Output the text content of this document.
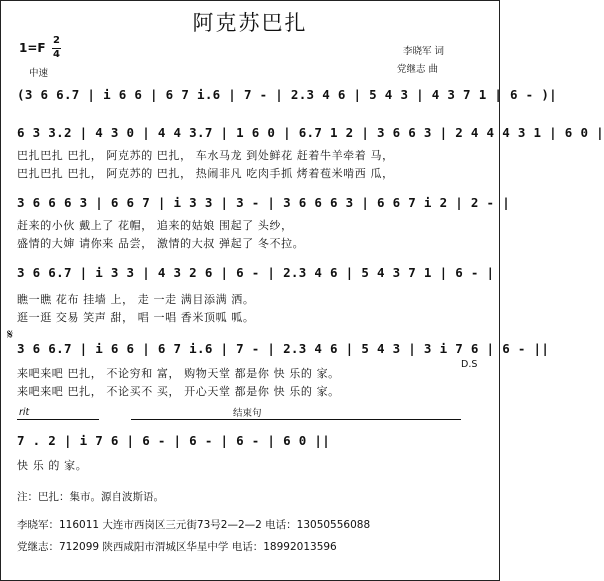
阿克苏巴扎
1=F
2
4
中速
李晓军 词
党继志 曲
(3 6 6.7 | i 6 6 | 6 7 i.6 | 7 - | 2.3 4 6 | 5 4 3 | 4 3 7 1 | 6 - )|
6 3 3.2 | 4 3 0 | 4 4 3.7 | 1 6 0 | 6.7 1 2 | 3 6 6 3 | 2 4 4 4 3 1 | 6 0 |
巴扎巴扎 巴扎， 阿克苏的 巴扎， 车水马龙 到处鲜花 赶着牛羊牵着 马，
巴扎巴扎 巴扎， 阿克苏的 巴扎， 热闹非凡 吃肉手抓 烤着苞米啃西 瓜，
3 6 6 6 3 | 6 6 7 | i 3 3 | 3 - | 3 6 6 6 3 | 6 6 7 i 2 | 2 - |
赶来的小伙 戴上了 花帽， 追来的姑娘 围起了 头纱，
盛情的大婶 请你来 品尝， 激情的大叔 弹起了 冬不拉。
3 6 6.7 | i 3 3 | 4 3 2 6 | 6 - | 2.3 4 6 | 5 4 3 7 1 | 6 - |
瞧一瞧 花布 挂墙 上， 走 一走 满目添满 洒。
逛一逛 交易 笑声 甜， 唱 一唱 香米顶呱 呱。
𝄋
3 6 6.7 | i 6 6 | 6 7 i.6 | 7 - | 2.3 4 6 | 5 4 3 | 3 i 7 6 | 6 - ||
D.S
来吧来吧 巴扎， 不论穷和 富， 购物天堂 都是你 快 乐的 家。
来吧来吧 巴扎， 不论买不 买， 开心天堂 都是你 快 乐的 家。
rit	结束句
7 . 2 | i 7 6 | 6 - | 6 - | 6 - | 6 0 ||
快 乐 的 家。
注：巴扎：集市。源自波斯语。
李晓军：116011 大连市西岗区三元街73号2—2—2 电话：13050556088
党继志：712099 陕西咸阳市渭城区华星中学 电话：18992013596
